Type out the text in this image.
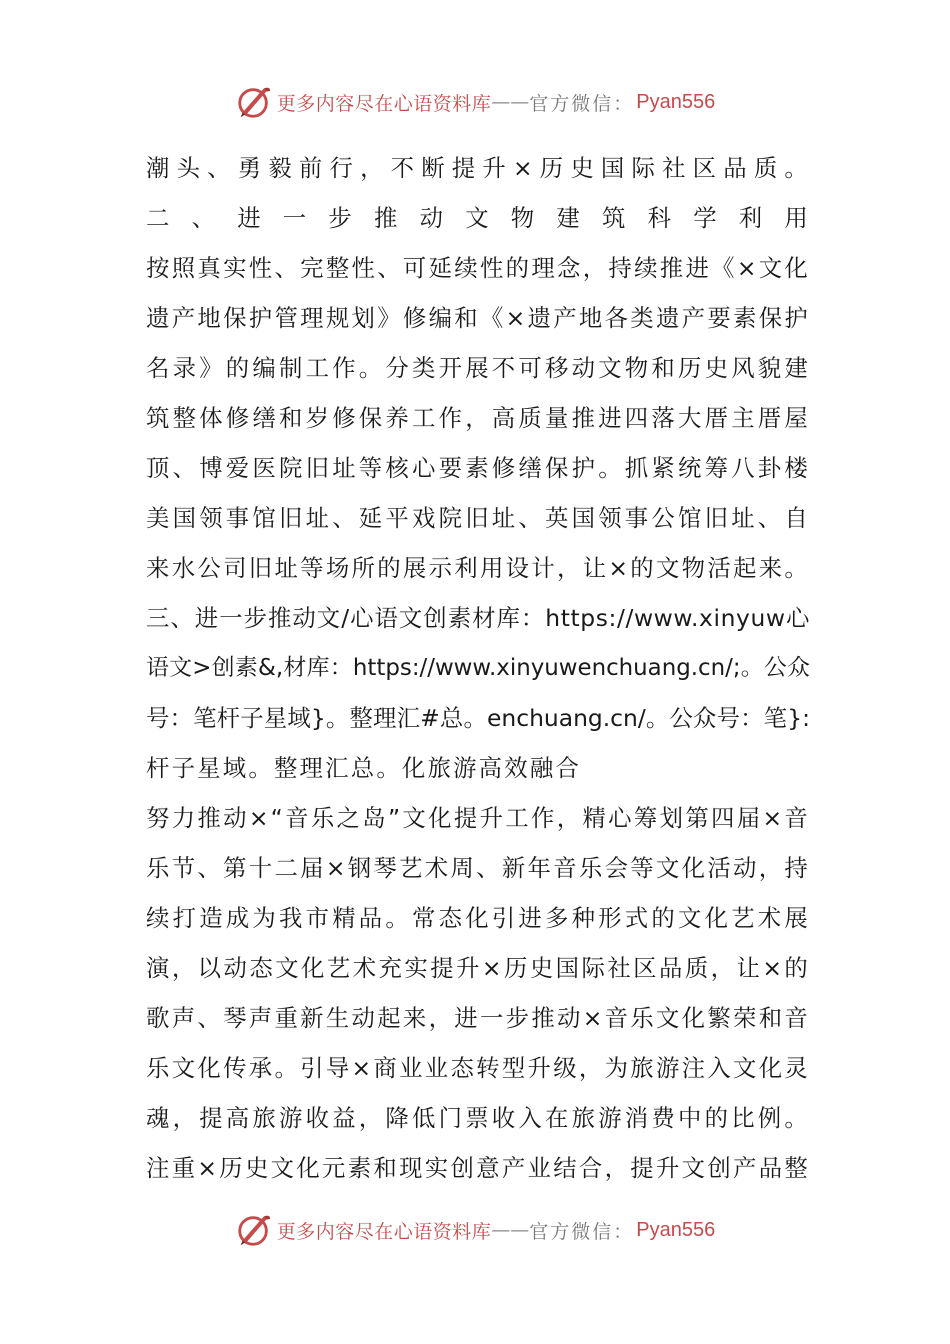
更多内容尽在心语资料库 —— 官方微信： Pyan556
潮头、勇毅前行，不断提升×历史国际社区品质。
二、进一步推动文物建筑科学利用
按照真实性、完整性、可延续性的理念，持续推进《×文化
遗产地保护管理规划》修编和《×遗产地各类遗产要素保护
名录》的编制工作。分类开展不可移动文物和历史风貌建
筑整体修缮和岁修保养工作，高质量推进四落大厝主厝屋
顶、博爱医院旧址等核心要素修缮保护。抓紧统筹八卦楼
美国领事馆旧址、延平戏院旧址、英国领事公馆旧址、自
来水公司旧址等场所的展示利用设计，让×的文物活起来。
三、进一步推动文/心语文创素材库：https://www.xinyuw心
语文>创素&,材库：https://www.xinyuwenchuang.cn/;。公众
号：笔杆子星域}。整理汇#总。enchuang.cn/。公众号：笔}:
杆子星域。整理汇总。化旅游高效融合
努力推动×“音乐之岛”文化提升工作，精心筹划第四届×音
乐节、第十二届×钢琴艺术周、新年音乐会等文化活动，持
续打造成为我市精品。常态化引进多种形式的文化艺术展
演，以动态文化艺术充实提升×历史国际社区品质，让×的
歌声、琴声重新生动起来，进一步推动×音乐文化繁荣和音
乐文化传承。引导×商业业态转型升级，为旅游注入文化灵
魂，提高旅游收益，降低门票收入在旅游消费中的比例。
注重×历史文化元素和现实创意产业结合，提升文创产品整
更多内容尽在心语资料库 —— 官方微信： Pyan556
